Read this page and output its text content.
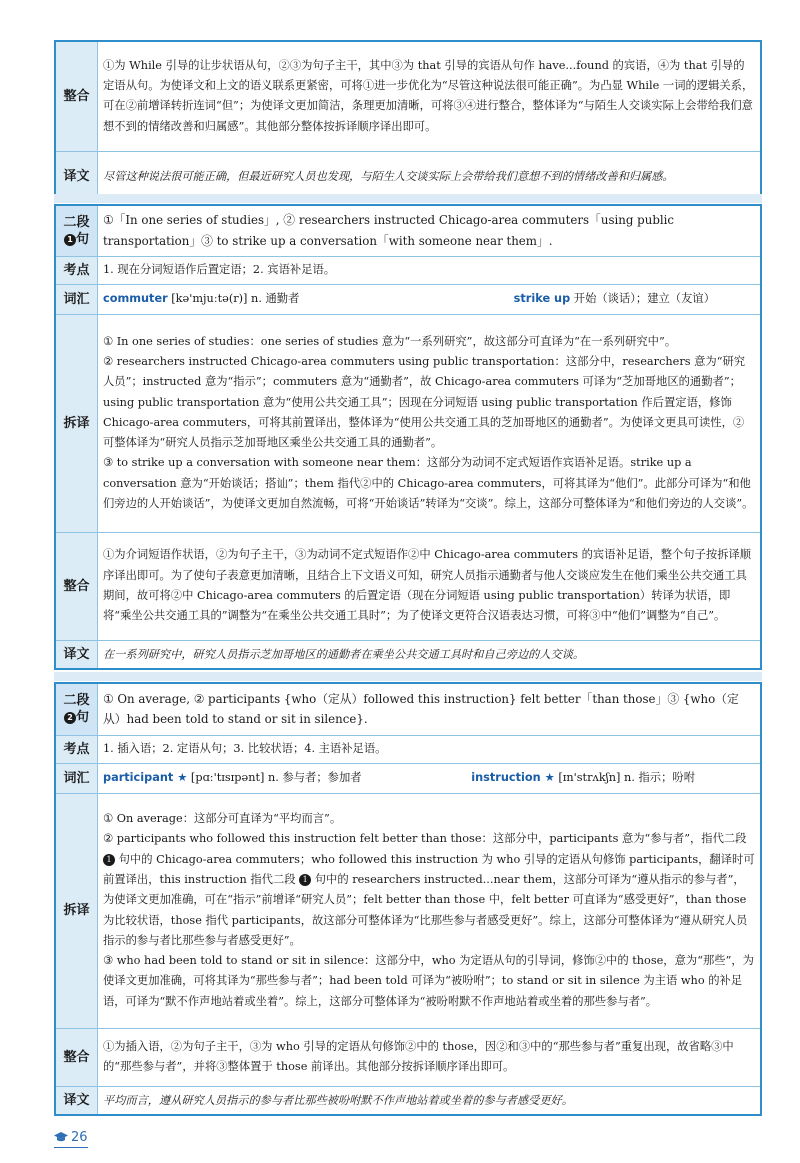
整合	①为 While 引导的让步状语从句，②③为句子主干，其中③为 that 引导的宾语从句作 have...found 的宾语，④为 that 引导的定语从句。为使译文和上文的语义联系更紧密，可将①进一步优化为“尽管这种说法很可能正确”。为凸显 While 一词的逻辑关系，可在②前增译转折连词“但”；为使译文更加简洁，条理更加清晰，可将③④进行整合，整体译为“与陌生人交谈实际上会带给我们意想不到的情绪改善和归属感”。其他部分整体按拆译顺序译出即可。
译文	尽管这种说法很可能正确，但最近研究人员也发现，与陌生人交谈实际上会带给我们意想不到的情绪改善和归属感。
二段
1 句	①「In one series of studies」, ② researchers instructed Chicago-area commuters「using public transportation」③ to strike up a conversation「with someone near them」.
考点	1. 现在分词短语作后置定语；2. 宾语补足语。
词汇	commuter [kə'mjuːtə(r)] n. 通勤者 strike up 开始（谈话）；建立（友谊）

拆译	① In one series of studies：one series of studies 意为“一系列研究”，故这部分可直译为“在一系列研究中”。
② researchers instructed Chicago-area commuters using public transportation：这部分中，researchers 意为“研究人员”；instructed 意为“指示”；commuters 意为“通勤者”，故 Chicago-area commuters 可译为“芝加哥地区的通勤者”；using public transportation 意为“使用公共交通工具”；因现在分词短语 using public transportation 作后置定语，修饰 Chicago-area commuters，可将其前置译出，整体译为“使用公共交通工具的芝加哥地区的通勤者”。为使译文更具可读性，②可整体译为“研究人员指示芝加哥地区乘坐公共交通工具的通勤者”。
③ to strike up a conversation with someone near them：这部分为动词不定式短语作宾语补足语。strike up a conversation 意为“开始谈话；搭讪”；them 指代②中的 Chicago-area commuters，可将其译为“他们”。此部分可译为“和他们旁边的人开始谈话”，为使译文更加自然流畅，可将“开始谈话”转译为“交谈”。综上，这部分可整体译为“和他们旁边的人交谈”。

整合	①为介词短语作状语，②为句子主干，③为动词不定式短语作②中 Chicago-area commuters 的宾语补足语，整个句子按拆译顺序译出即可。为了使句子表意更加清晰，且结合上下文语义可知，研究人员指示通勤者与他人交谈应发生在他们乘坐公共交通工具期间，故可将②中 Chicago-area commuters 的后置定语（现在分词短语 using public transportation）转译为状语，即将“乘坐公共交通工具的”调整为“在乘坐公共交通工具时”；为了使译文更符合汉语表达习惯，可将③中“他们”调整为“自己”。
译文	在一系列研究中，研究人员指示芝加哥地区的通勤者在乘坐公共交通工具时和自己旁边的人交谈。
二段
2 句	① On average, ② participants {who（定从）followed this instruction} felt better「than those」③ {who（定从）had been told to stand or sit in silence}.
考点	1. 插入语；2. 定语从句；3. 比较状语；4. 主语补足语。
词汇	participant ★ [pɑː'tɪsɪpənt] n. 参与者；参加者 instruction ★ [ɪn'strʌkʃn] n. 指示；吩咐

拆译	① On average：这部分可直译为“平均而言”。
② participants who followed this instruction felt better than those：这部分中，participants 意为“参与者”，指代二段 1 句中的 Chicago-area commuters；who followed this instruction 为 who 引导的定语从句修饰 participants，翻译时可前置译出，this instruction 指代二段 1 句中的 researchers instructed...near them，这部分可译为“遵从指示的参与者”，为使译文更加准确，可在“指示”前增译“研究人员”；felt better than those 中，felt better 可直译为“感受更好”，than those 为比较状语，those 指代 participants，故这部分可整体译为“比那些参与者感受更好”。综上，这部分可整体译为“遵从研究人员指示的参与者比那些参与者感受更好”。
③ who had been told to stand or sit in silence：这部分中，who 为定语从句的引导词，修饰②中的 those，意为“那些”，为使译文更加准确，可将其译为“那些参与者”；had been told 可译为“被吩咐”；to stand or sit in silence 为主语 who 的补足语，可译为“默不作声地站着或坐着”。综上，这部分可整体译为“被吩咐默不作声地站着或坐着的那些参与者”。

整合	①为插入语，②为句子主干，③为 who 引导的定语从句修饰②中的 those，因②和③中的“那些参与者”重复出现，故省略③中的“那些参与者”，并将③整体置于 those 前译出。其他部分按拆译顺序译出即可。
译文	平均而言，遵从研究人员指示的参与者比那些被吩咐默不作声地站着或坐着的参与者感受更好。
26
